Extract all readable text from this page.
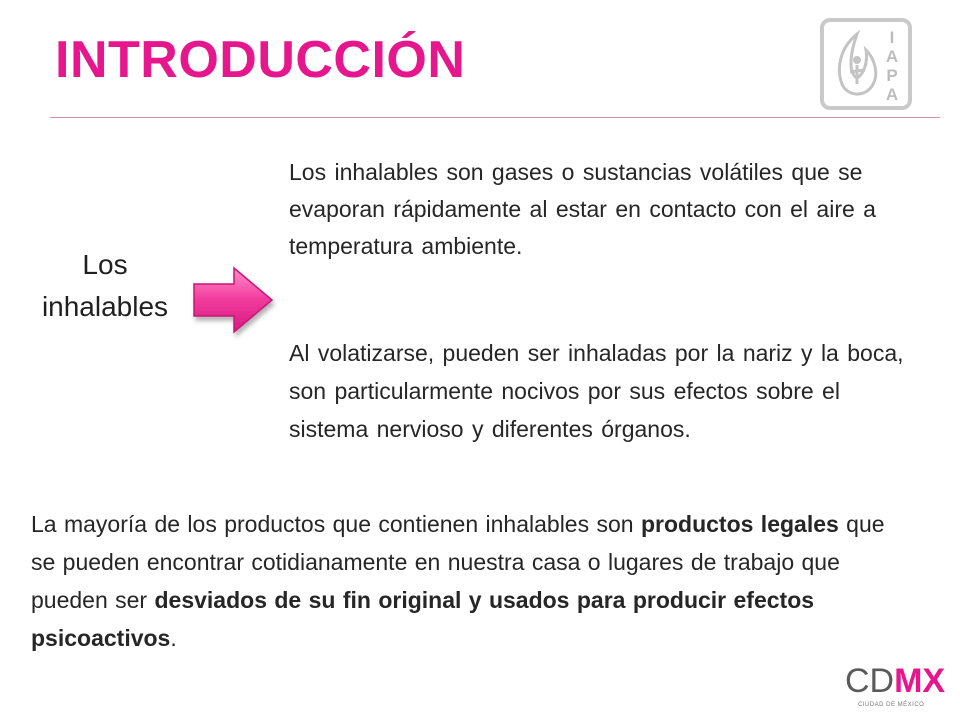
INTRODUCCIÓN	I
A
P
A
Los
inhalables
Los inhalables son gases o sustancias volátiles que se evaporan rápidamente al estar en contacto con el aire a temperatura ambiente.
Al volatizarse, pueden ser inhaladas por la nariz y la boca, son particularmente nocivos por sus efectos sobre el sistema nervioso y diferentes órganos.
La mayoría de los productos que contienen inhalables son productos legales que se pueden encontrar cotidianamente en nuestra casa o lugares de trabajo que pueden ser desviados de su fin original y usados para producir efectos psicoactivos.
CDMX
CIUDAD DE MÉXICO
